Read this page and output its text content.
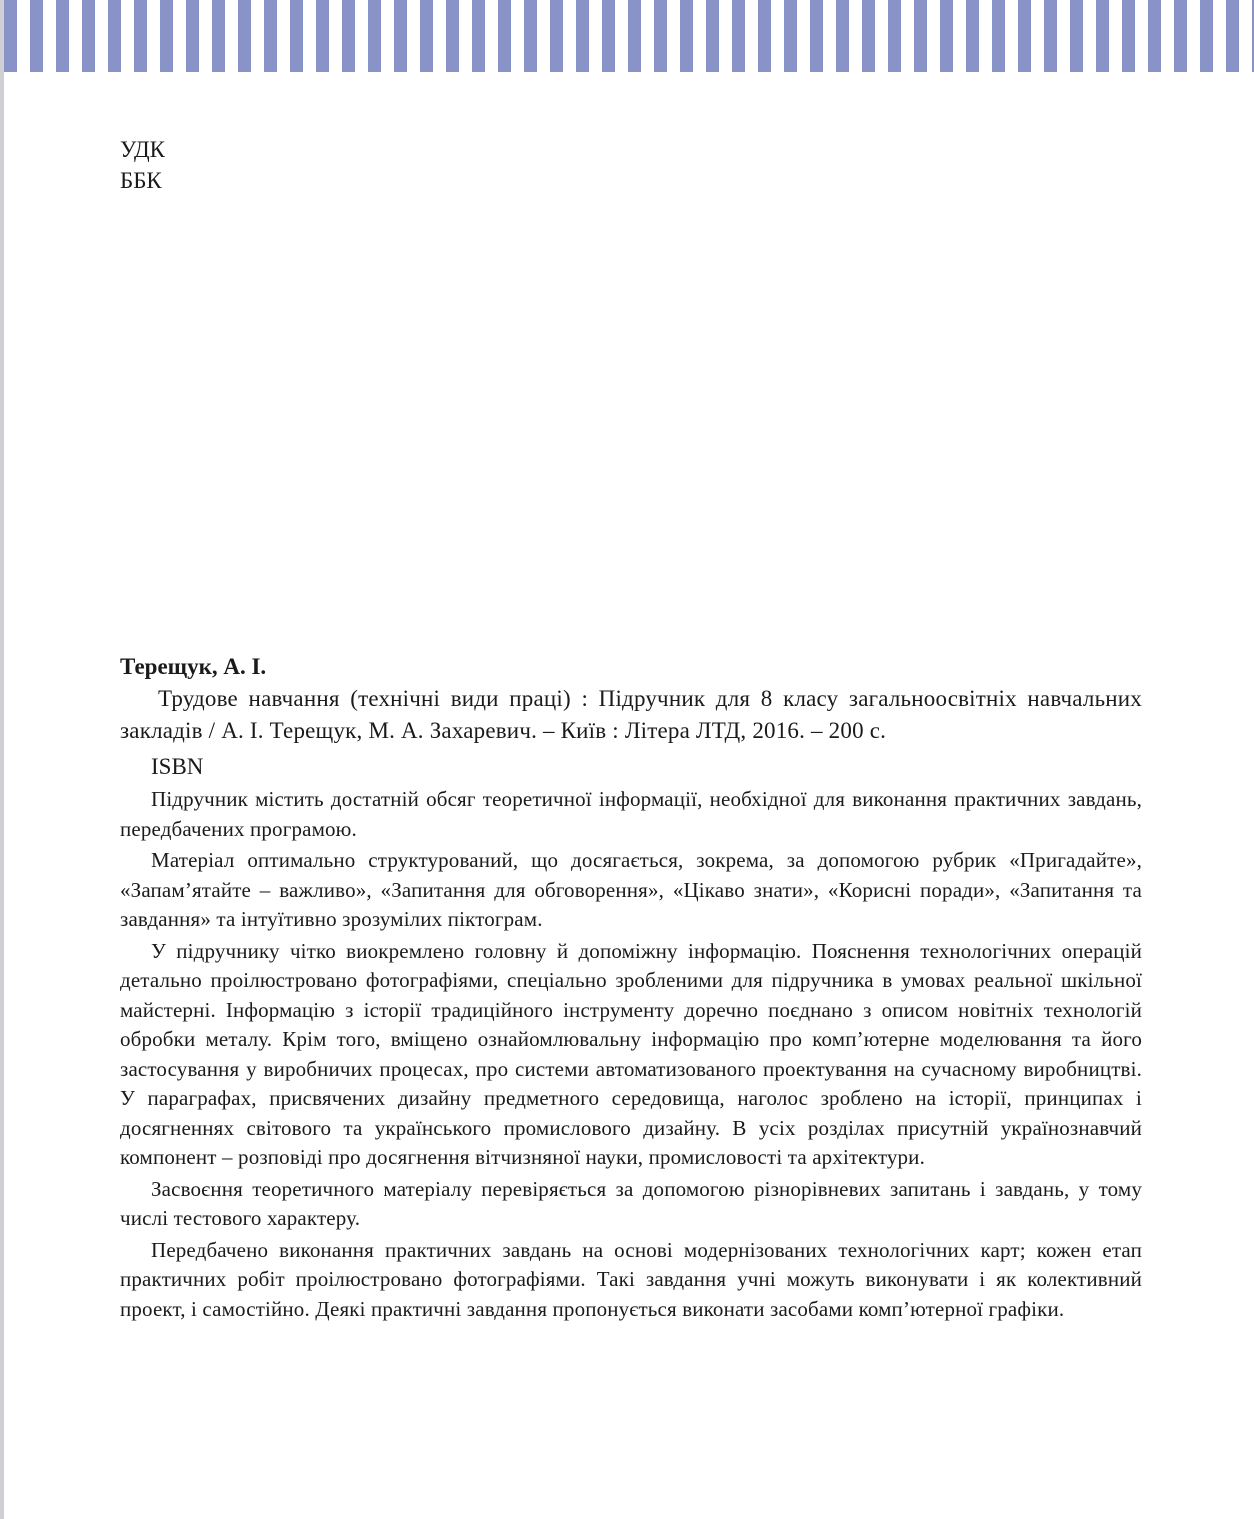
УДК
ББК

Терещук, А. І.

Трудове навчання (технічні види праці) : Підручник для 8 класу загальноосвітніх навчальних закладів / А. І. Терещук, М. А. Захаревич. – Київ : Літера ЛТД, 2016. – 200 с.

ISBN

Підручник містить достатній обсяг теоретичної інформації, необхідної для виконання практичних завдань, передбачених програмою.

Матеріал оптимально структурований, що досягається, зокрема, за допомогою рубрик «Пригадайте», «Запам’ятайте – важливо», «Запитання для обговорення», «Цікаво знати», «Корисні поради», «Запитання та завдання» та інтуїтивно зрозумілих піктограм.

У підручнику чітко виокремлено головну й допоміжну інформацію. Пояснення технологічних операцій детально проілюстровано фотографіями, спеціально зробленими для підручника в умовах реальної шкільної майстерні. Інформацію з історії традиційного інструменту доречно поєднано з описом новітніх технологій обробки металу. Крім того, вміщено ознайомлювальну інформацію про комп’ютерне моделювання та його застосування у виробничих процесах, про системи автоматизованого проектування на сучасному виробництві. У параграфах, присвячених дизайну предметного середовища, наголос зроблено на історії, принципах і досягненнях світового та українського промислового дизайну. В усіх розділах присутній українознавчий компонент – розповіді про досягнення вітчизняної науки, промисловості та архітектури.

Засвоєння теоретичного матеріалу перевіряється за допомогою різнорівневих запитань і завдань, у тому числі тестового характеру.

Передбачено виконання практичних завдань на основі модернізованих технологічних карт; кожен етап практичних робіт проілюстровано фотографіями. Такі завдання учні можуть виконувати і як колективний проект, і самостійно. Деякі практичні завдання пропонується виконати засобами комп’ютерної графіки.
